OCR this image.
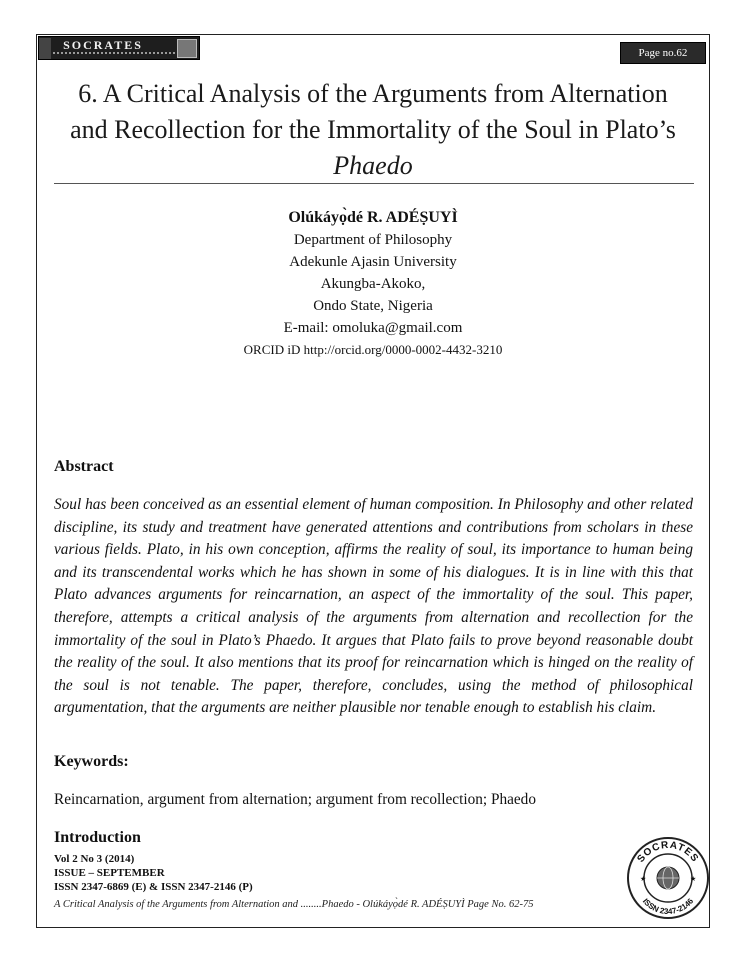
SOCRATES
Page no.62
6. A Critical Analysis of the Arguments from Alternation and Recollection for the Immortality of the Soul in Plato’s Phaedo
Olúkáyọ̀dé R. ADÉṢUYÌ
Department of Philosophy
Adekunle Ajasin University
Akungba-Akoko,
Ondo State, Nigeria
E-mail: omoluka@gmail.com
ORCID iD http://orcid.org/0000-0002-4432-3210
Abstract

Soul has been conceived as an essential element of human composition. In Philosophy and other related discipline, its study and treatment have generated attentions and contributions from scholars in these various fields. Plato, in his own conception, affirms the reality of soul, its importance to human being and its transcendental works which he has shown in some of his dialogues. It is in line with this that Plato advances arguments for reincarnation, an aspect of the immortality of the soul. This paper, therefore, attempts a critical analysis of the arguments from alternation and recollection for the immortality of the soul in Plato’s Phaedo. It argues that Plato fails to prove beyond reasonable doubt the reality of the soul. It also mentions that its proof for reincarnation which is hinged on the reality of the soul is not tenable. The paper, therefore, concludes, using the method of philosophical argumentation, that the arguments are neither plausible nor tenable enough to establish his claim.

Keywords:
Reincarnation, argument from alternation; argument from recollection; Phaedo
Introduction
Vol 2 No 3 (2014)
ISSUE – SEPTEMBER
ISSN 2347-6869 (E) & ISSN 2347-2146 (P)
A Critical Analysis of the Arguments from Alternation and ........Phaedo - Olúkáyọ̀dé R. ADÉṢUYÌ Page No. 62-75
SOCRATES
ISSN 2347-2146
★	★
